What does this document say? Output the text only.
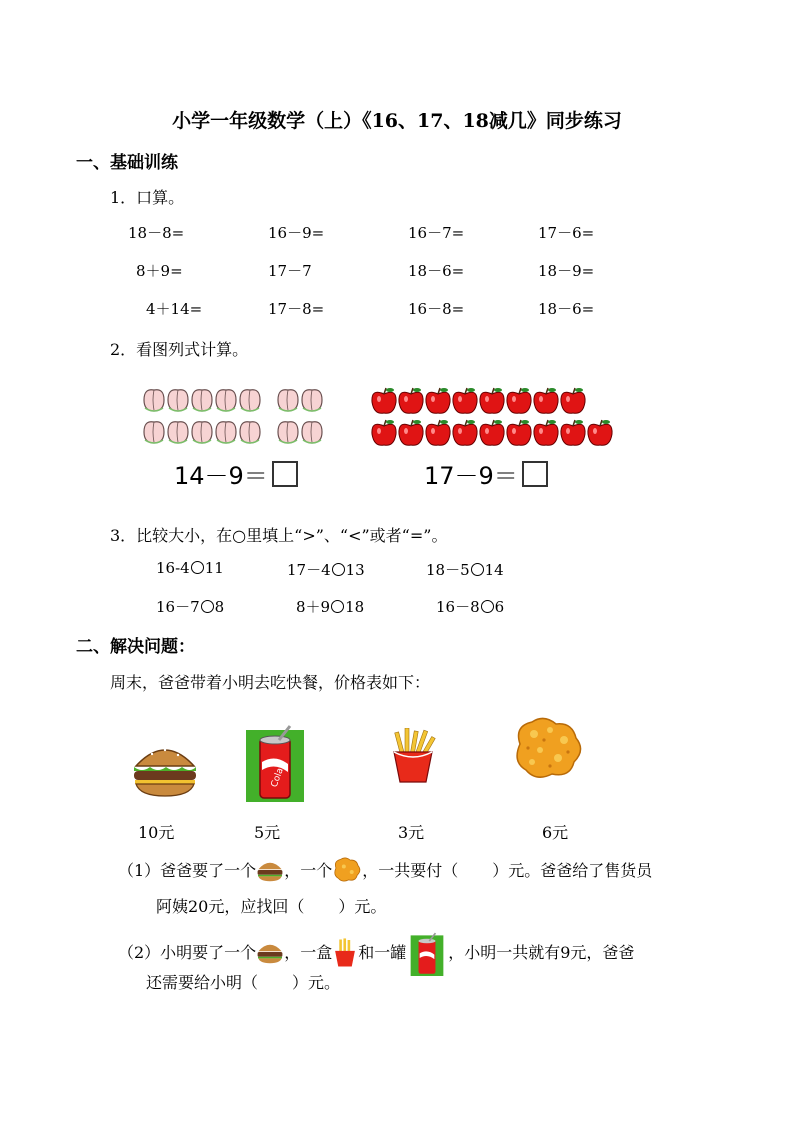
小学一年级数学（上）《16、17、18减几》同步练习
一、基础训练
1．口算。
18－8=	16－9=	16－7=	17－6=
8＋9=	17－7	18－6=	18－9=
4＋14=	17－8=	16－8=	18－6=
2．看图列式计算。
14－9＝	17－9＝
3．比较大小，在○里填上“>”、“<”或者“=”。
16-4 11	17－4 13	18－5 14
16－7 8	8＋9 18	16－8 6
二、解决问题：
周末，爸爸带着小明去吃快餐，价格表如下：
Cola
10元	5元	3元	6元
（1）爸爸要了一个 ，一个 ，一共要付（ ）元。爸爸给了售货员
阿姨20元，应找回（ ）元。
（2）小明要了一个 ，一盒 和一罐	，小明一共就有9元，爸爸
还需要给小明（ ）元。
